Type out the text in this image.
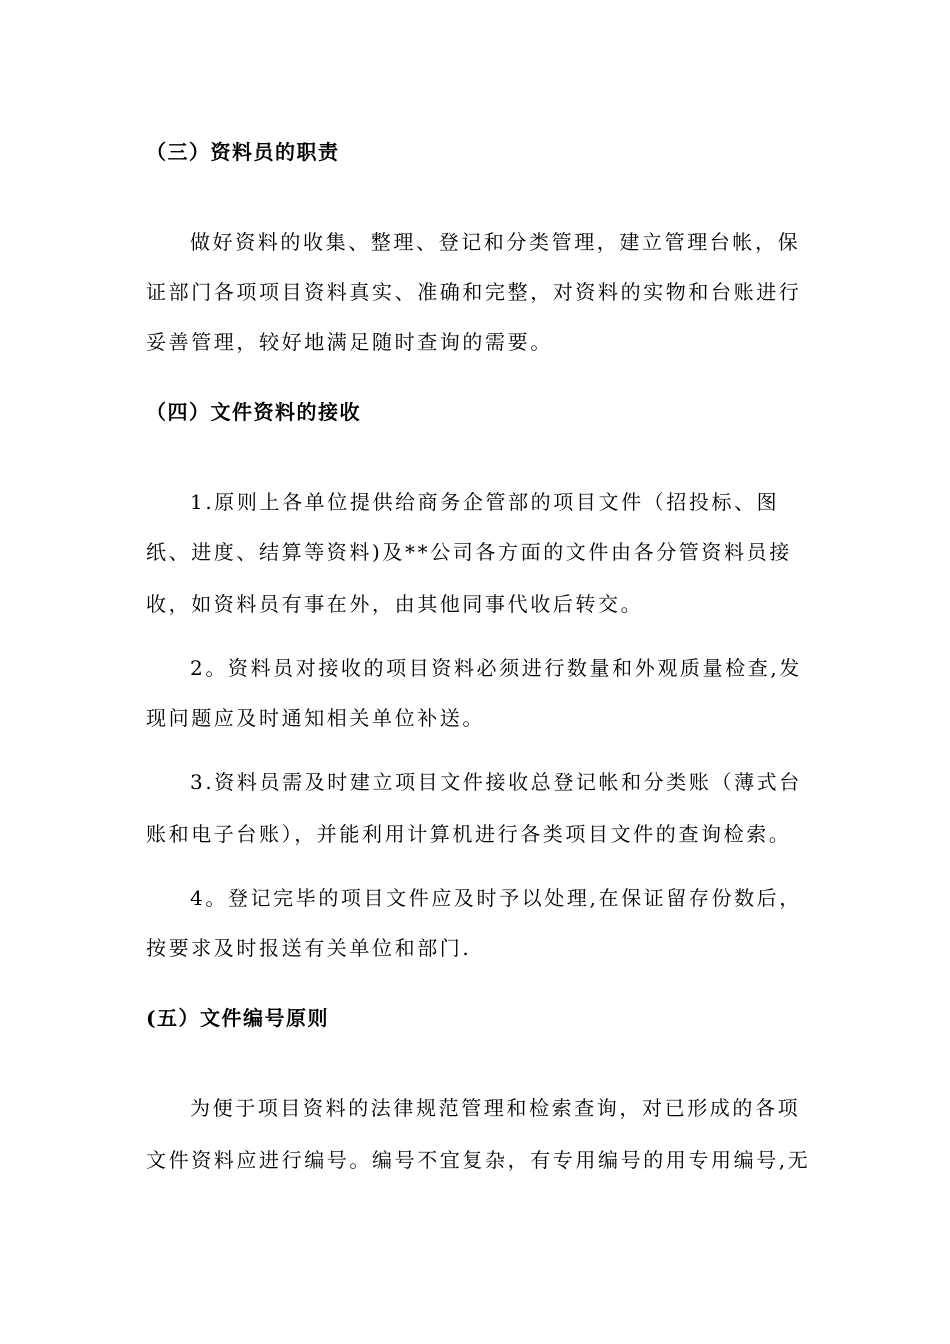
（三）资料员的职责
做好资料的收集、整理、登记和分类管理，建立管理台帐，保
证部门各项项目资料真实、准确和完整，对资料的实物和台账进行
妥善管理，较好地满足随时查询的需要。
（四）文件资料的接收
1.原则上各单位提供给商务企管部的项目文件（招投标、图
纸、进度、结算等资料)及**公司各方面的文件由各分管资料员接
收，如资料员有事在外，由其他同事代收后转交。
2。资料员对接收的项目资料必须进行数量和外观质量检查,发
现问题应及时通知相关单位补送。
3.资料员需及时建立项目文件接收总登记帐和分类账（薄式台
账和电子台账），并能利用计算机进行各类项目文件的查询检索。
4。登记完毕的项目文件应及时予以处理,在保证留存份数后，
按要求及时报送有关单位和部门.
(五）文件编号原则
为便于项目资料的法律规范管理和检索查询，对已形成的各项
文件资料应进行编号。编号不宜复杂，有专用编号的用专用编号,无
